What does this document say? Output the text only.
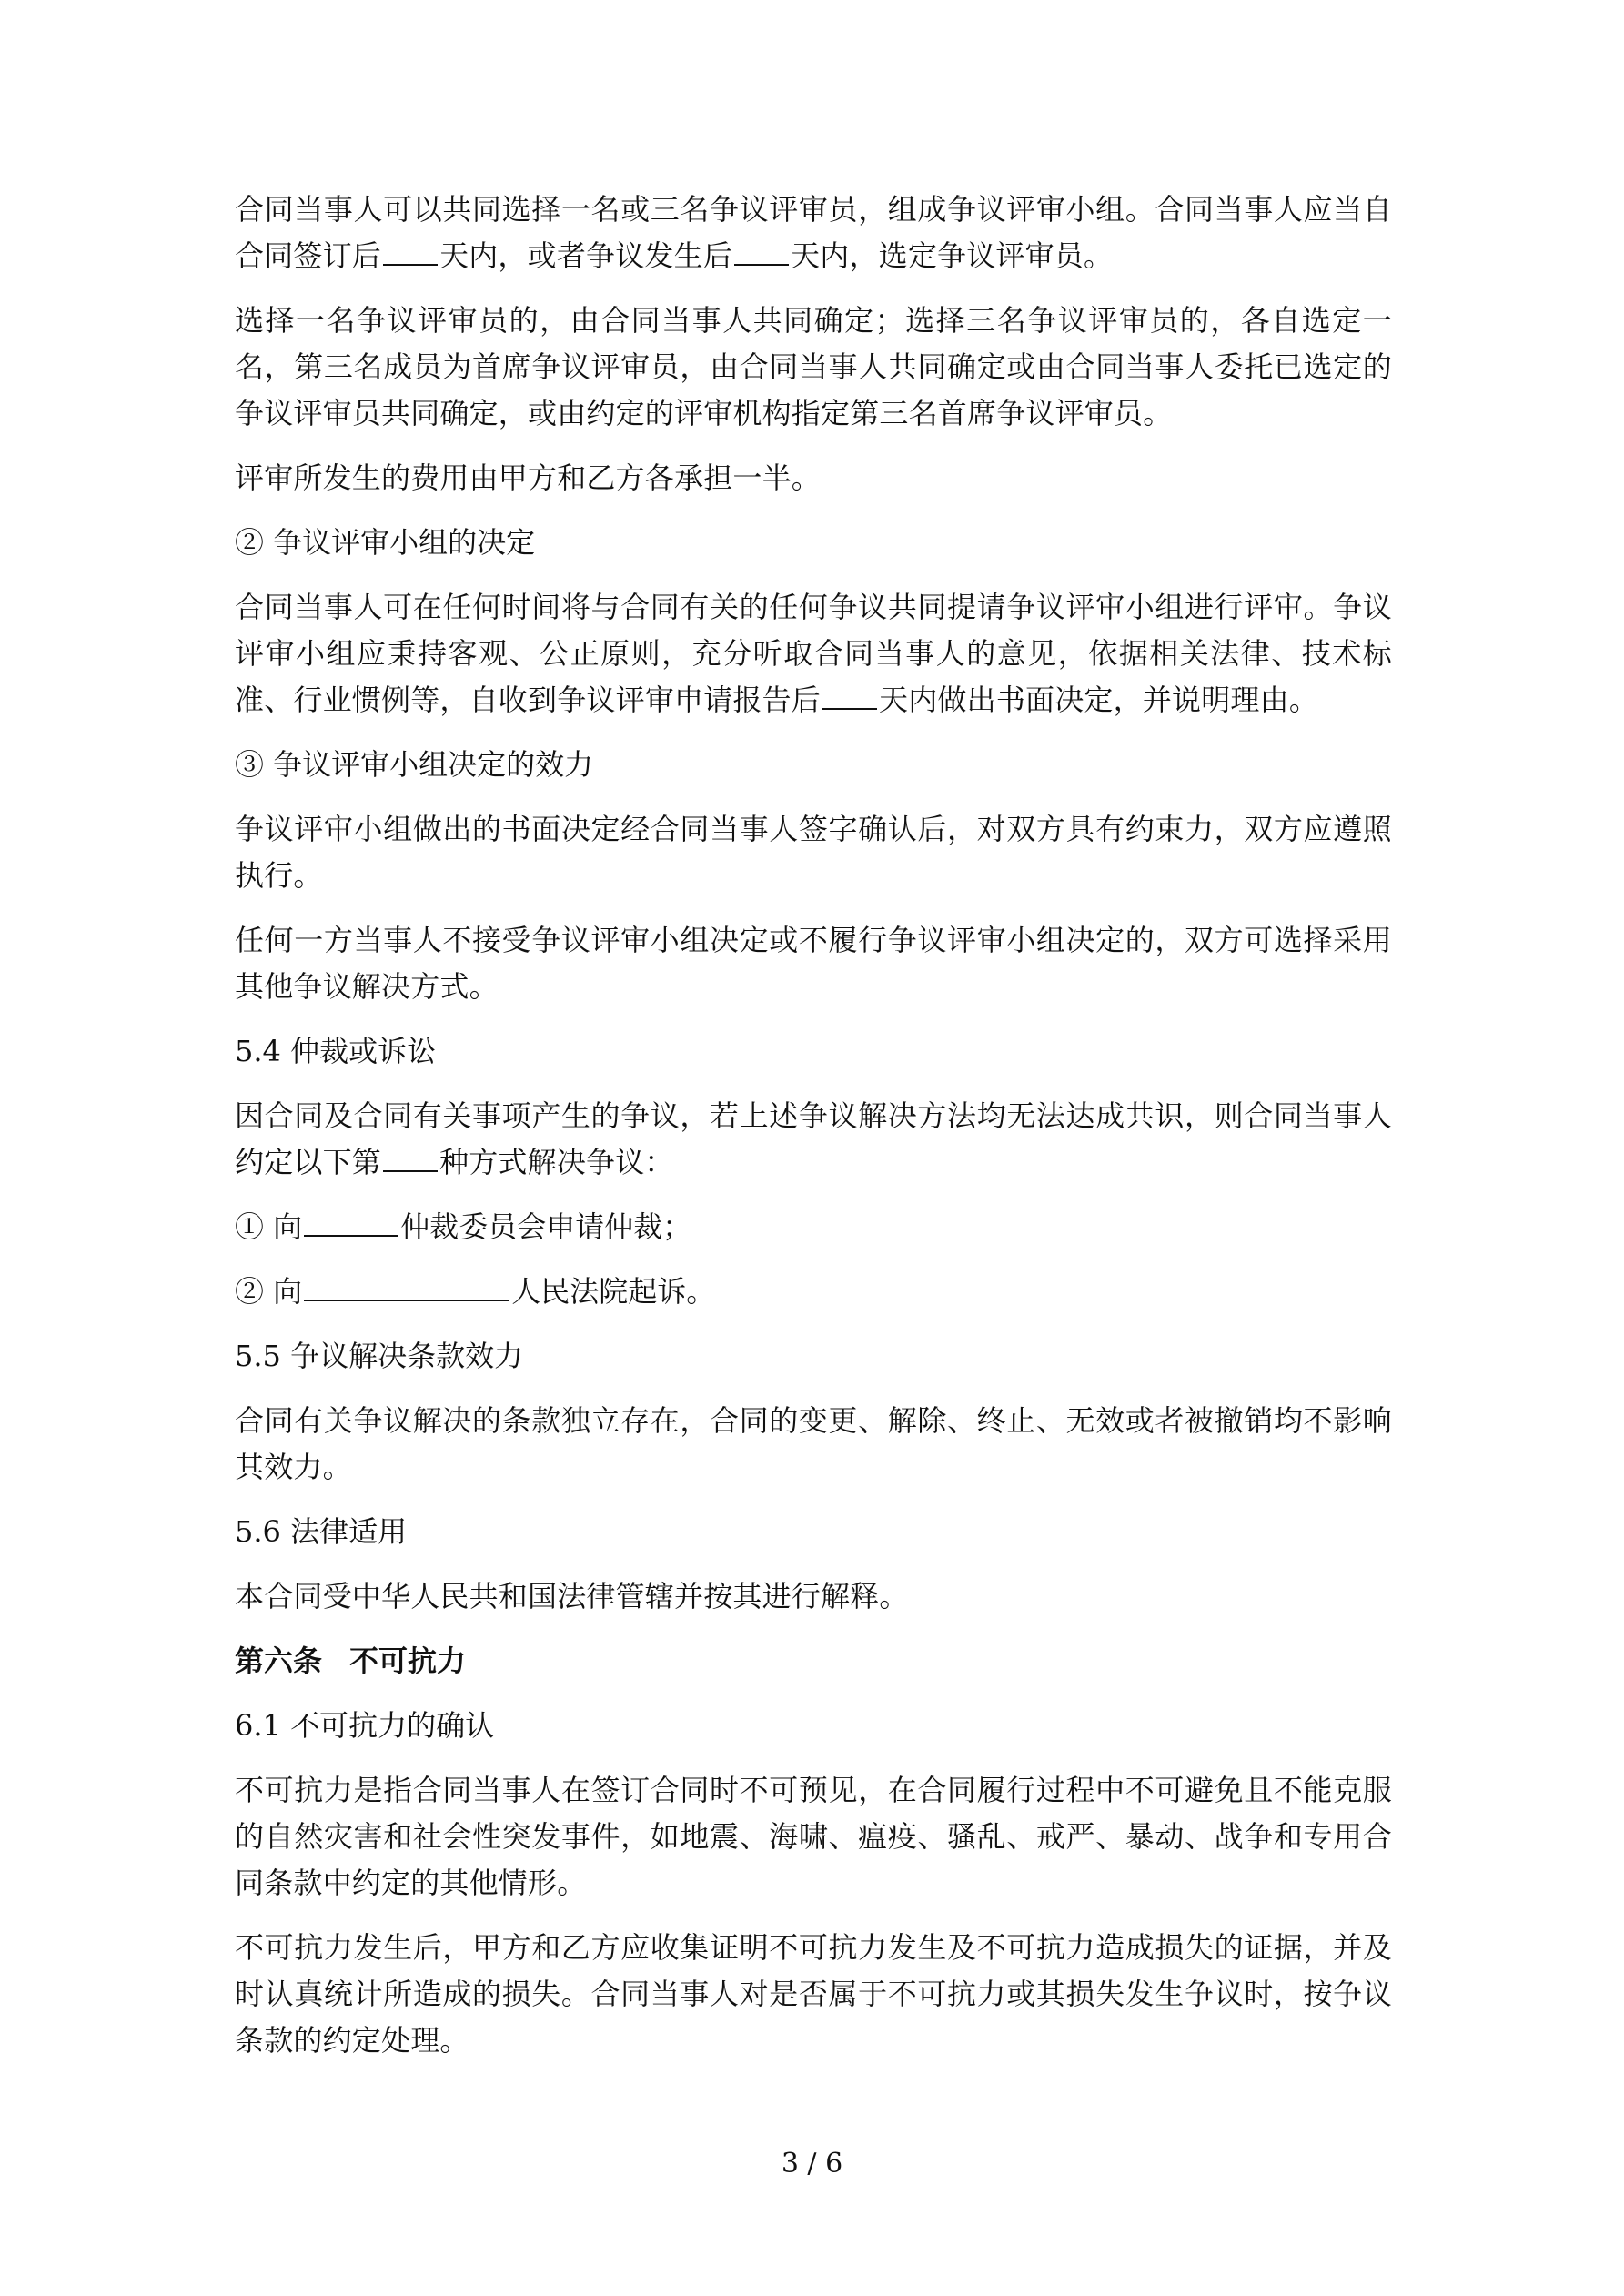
合同当事人可以共同选择一名或三名争议评审员，组成争议评审小组。合同当事人应当自合同签订后 天内，或者争议发生后 天内，选定争议评审员。

选择一名争议评审员的，由合同当事人共同确定；选择三名争议评审员的，各自选定一名，第三名成员为首席争议评审员，由合同当事人共同确定或由合同当事人委托已选定的争议评审员共同确定，或由约定的评审机构指定第三名首席争议评审员。

评审所发生的费用由甲方和乙方各承担一半。

② 争议评审小组的决定

合同当事人可在任何时间将与合同有关的任何争议共同提请争议评审小组进行评审。争议评审小组应秉持客观、公正原则，充分听取合同当事人的意见，依据相关法律、技术标准、行业惯例等，自收到争议评审申请报告后 天内做出书面决定，并说明理由。

③ 争议评审小组决定的效力

争议评审小组做出的书面决定经合同当事人签字确认后，对双方具有约束力，双方应遵照执行。

任何一方当事人不接受争议评审小组决定或不履行争议评审小组决定的，双方可选择采用其他争议解决方式。

5.4 仲裁或诉讼

因合同及合同有关事项产生的争议，若上述争议解决方法均无法达成共识，则合同当事人约定以下第 种方式解决争议：

① 向	仲裁委员会申请仲裁；

② 向	人民法院起诉。

5.5 争议解决条款效力

合同有关争议解决的条款独立存在，合同的变更、解除、终止、无效或者被撤销均不影响其效力。

5.6 法律适用

本合同受中华人民共和国法律管辖并按其进行解释。

第六条 不可抗力

6.1 不可抗力的确认

不可抗力是指合同当事人在签订合同时不可预见，在合同履行过程中不可避免且不能克服的自然灾害和社会性突发事件，如地震、海啸、瘟疫、骚乱、戒严、暴动、战争和专用合同条款中约定的其他情形。

不可抗力发生后，甲方和乙方应收集证明不可抗力发生及不可抗力造成损失的证据，并及时认真统计所造成的损失。合同当事人对是否属于不可抗力或其损失发生争议时，按争议条款的约定处理。

3 / 6
